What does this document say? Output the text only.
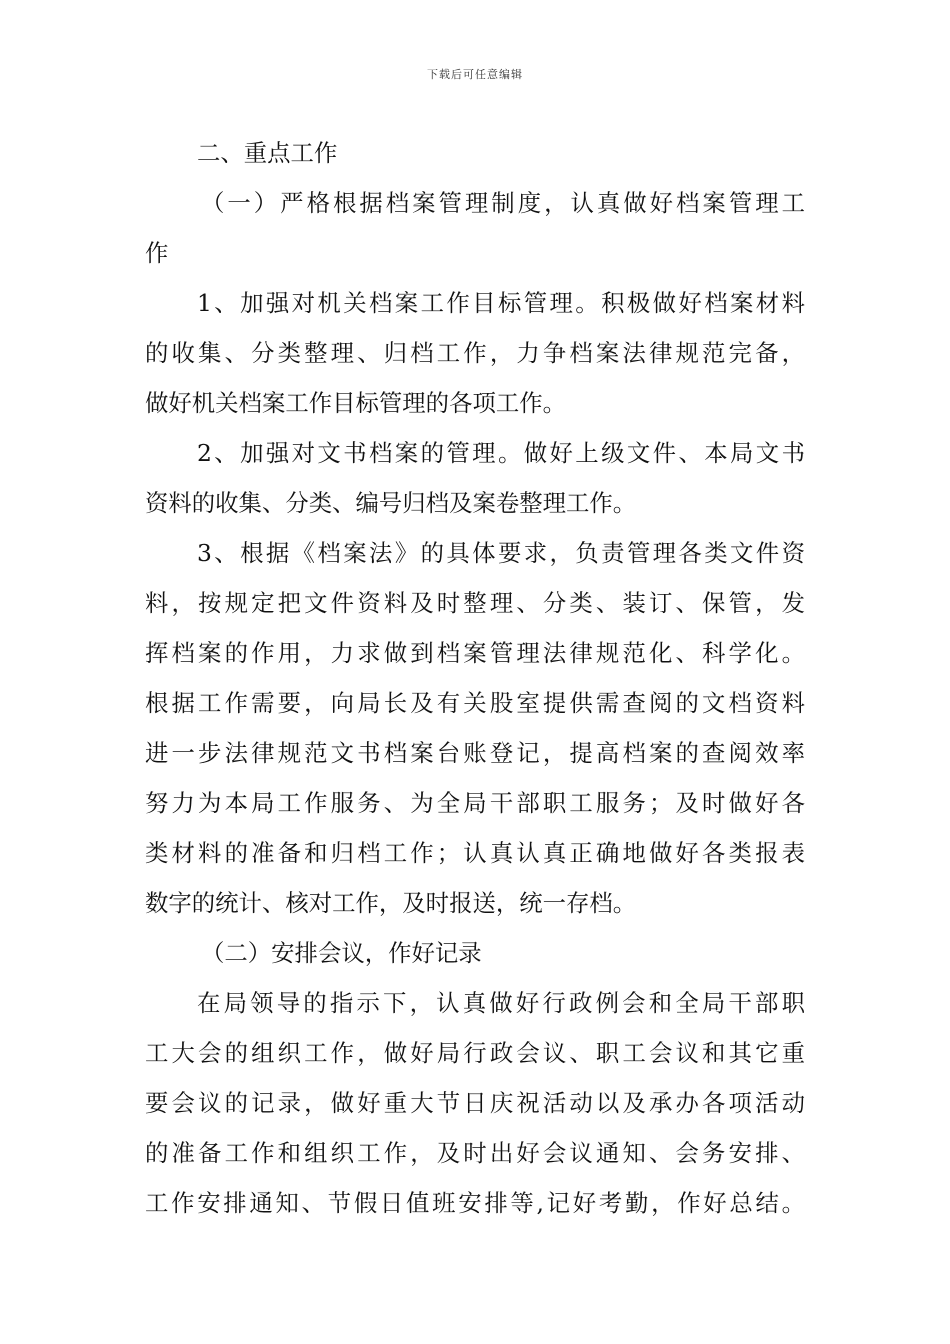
下载后可任意编辑
二、重点工作
（一）严格根据档案管理制度，认真做好档案管理工
作
1、加强对机关档案工作目标管理。积极做好档案材料
的收集、分类整理、归档工作，力争档案法律规范完备，
做好机关档案工作目标管理的各项工作。
2、加强对文书档案的管理。做好上级文件、本局文书
资料的收集、分类、编号归档及案卷整理工作。
3、根据《档案法》的具体要求，负责管理各类文件资
料，按规定把文件资料及时整理、分类、装订、保管，发
挥档案的作用，力求做到档案管理法律规范化、科学化。
根据工作需要，向局长及有关股室提供需查阅的文档资料
进一步法律规范文书档案台账登记，提高档案的查阅效率
努力为本局工作服务、为全局干部职工服务；及时做好各
类材料的准备和归档工作；认真认真正确地做好各类报表
数字的统计、核对工作，及时报送，统一存档。
（二）安排会议，作好记录
在局领导的指示下，认真做好行政例会和全局干部职
工大会的组织工作，做好局行政会议、职工会议和其它重
要会议的记录，做好重大节日庆祝活动以及承办各项活动
的准备工作和组织工作，及时出好会议通知、会务安排、
工作安排通知、节假日值班安排等,记好考勤，作好总结。
